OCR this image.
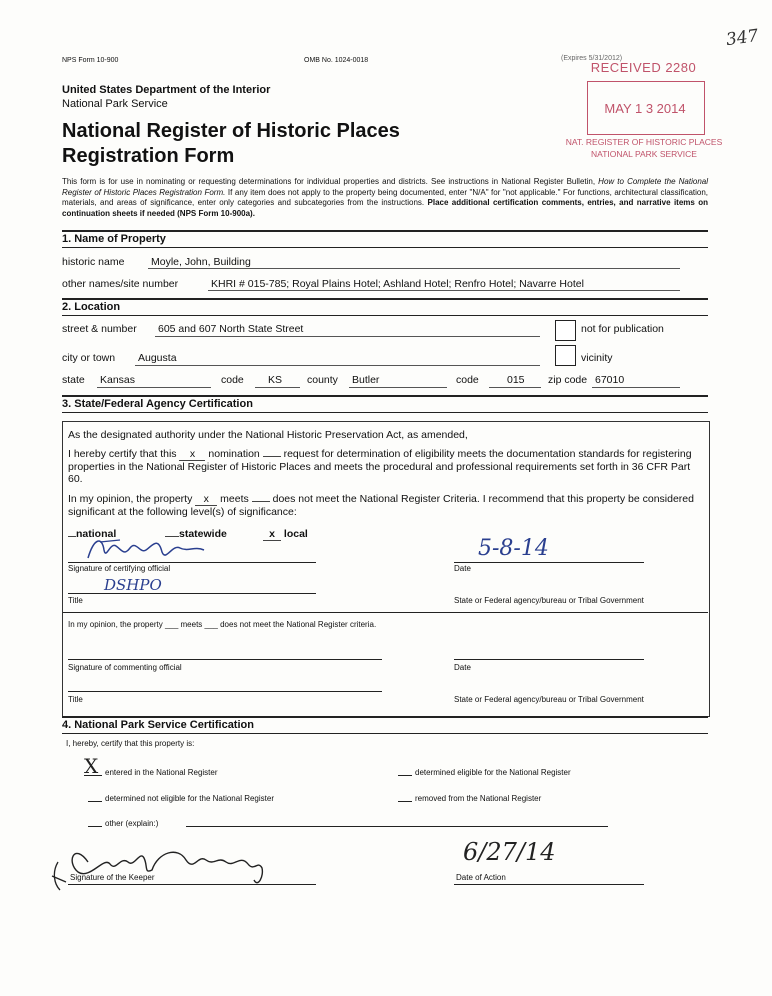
NPS Form 10-900	OMB No. 1024-0018	(Expires 5/31/2012)
347
United States Department of the Interior
National Park Service
National Register of Historic Places
Registration Form
RECEIVED 2280
MAY 1 3 2014
NAT. REGISTER OF HISTORIC PLACES
NATIONAL PARK SERVICE
This form is for use in nominating or requesting determinations for individual properties and districts. See instructions in National Register Bulletin, How to Complete the National Register of Historic Places Registration Form. If any item does not apply to the property being documented, enter "N/A" for "not applicable." For functions, architectural classification, materials, and areas of significance, enter only categories and subcategories from the instructions. Place additional certification comments, entries, and narrative items on continuation sheets if needed (NPS Form 10-900a).
1. Name of Property
historic name	Moyle, John, Building
other names/site number	KHRI # 015-785; Royal Plains Hotel; Ashland Hotel; Renfro Hotel; Navarre Hotel
2. Location
street & number 605 and 607 North State Street	not for publication
city or town Augusta	vicinity
state Kansas	code KS county Butler	code	015 zip code 67010
3. State/Federal Agency Certification
As the designated authority under the National Historic Preservation Act, as amended,
I hereby certify that this x nomination  request for determination of eligibility meets the documentation standards for registering properties in the National Register of Historic Places and meets the procedural and professional requirements set forth in 36 CFR Part 60.
In my opinion, the property x meets  does not meet the National Register Criteria. I recommend that this property be considered significant at the following level(s) of significance:
national	statewide	x local
Signature of certifying official
5-8-14
Date
DSHPO
Title	State or Federal agency/bureau or Tribal Government
In my opinion, the property ___ meets ___ does not meet the National Register criteria.
Signature of commenting official	Date
Title	State or Federal agency/bureau or Tribal Government
4. National Park Service Certification
I, hereby, certify that this property is:
X entered in the National Register	determined eligible for the National Register
determined not eligible for the National Register	removed from the National Register
other (explain:)
Signature of the Keeper
6/27/14
Date of Action
